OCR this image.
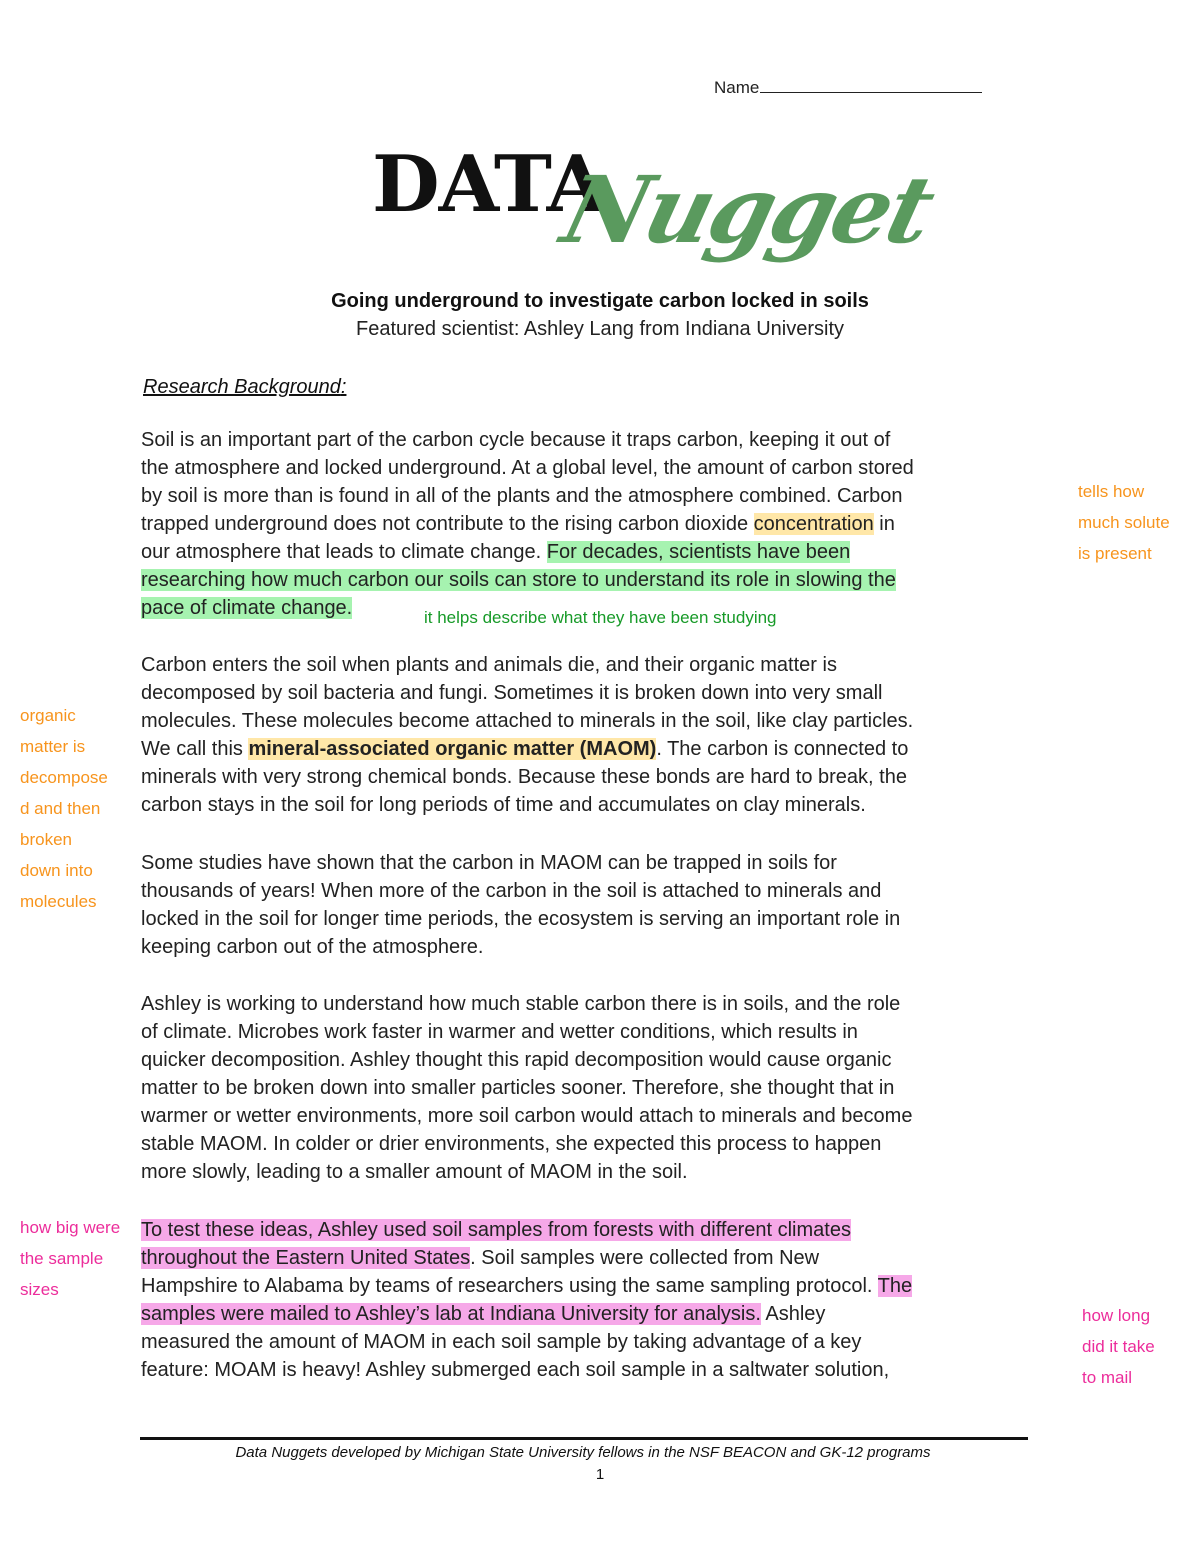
Name
DATA
Nugget
Going underground to investigate carbon locked in soils
Featured scientist: Ashley Lang from Indiana University
Research Background:
Soil is an important part of the carbon cycle because it traps carbon, keeping it out of
the atmosphere and locked underground. At a global level, the amount of carbon stored
by soil is more than is found in all of the plants and the atmosphere combined. Carbon
trapped underground does not contribute to the rising carbon dioxide concentration in
our atmosphere that leads to climate change. For decades, scientists have been
researching how much carbon our soils can store to understand its role in slowing the
pace of climate change.
Carbon enters the soil when plants and animals die, and their organic matter is
decomposed by soil bacteria and fungi. Sometimes it is broken down into very small
molecules. These molecules become attached to minerals in the soil, like clay particles.
We call this mineral-associated organic matter (MAOM). The carbon is connected to
minerals with very strong chemical bonds. Because these bonds are hard to break, the
carbon stays in the soil for long periods of time and accumulates on clay minerals.
Some studies have shown that the carbon in MAOM can be trapped in soils for
thousands of years! When more of the carbon in the soil is attached to minerals and
locked in the soil for longer time periods, the ecosystem is serving an important role in
keeping carbon out of the atmosphere.
Ashley is working to understand how much stable carbon there is in soils, and the role
of climate. Microbes work faster in warmer and wetter conditions, which results in
quicker decomposition. Ashley thought this rapid decomposition would cause organic
matter to be broken down into smaller particles sooner. Therefore, she thought that in
warmer or wetter environments, more soil carbon would attach to minerals and become
stable MAOM. In colder or drier environments, she expected this process to happen
more slowly, leading to a smaller amount of MAOM in the soil.
To test these ideas, Ashley used soil samples from forests with different climates
throughout the Eastern United States. Soil samples were collected from New
Hampshire to Alabama by teams of researchers using the same sampling protocol. The
samples were mailed to Ashley’s lab at Indiana University for analysis. Ashley
measured the amount of MAOM in each soil sample by taking advantage of a key
feature: MOAM is heavy! Ashley submerged each soil sample in a saltwater solution,
tells how
much solute
is present
it helps describe what they have been studying
organic
matter is
decompose
d and then
broken
down into
molecules
how big were
the sample
sizes
how long
did it take
to mail
Data Nuggets developed by Michigan State University fellows in the NSF BEACON and GK-12 programs
1
